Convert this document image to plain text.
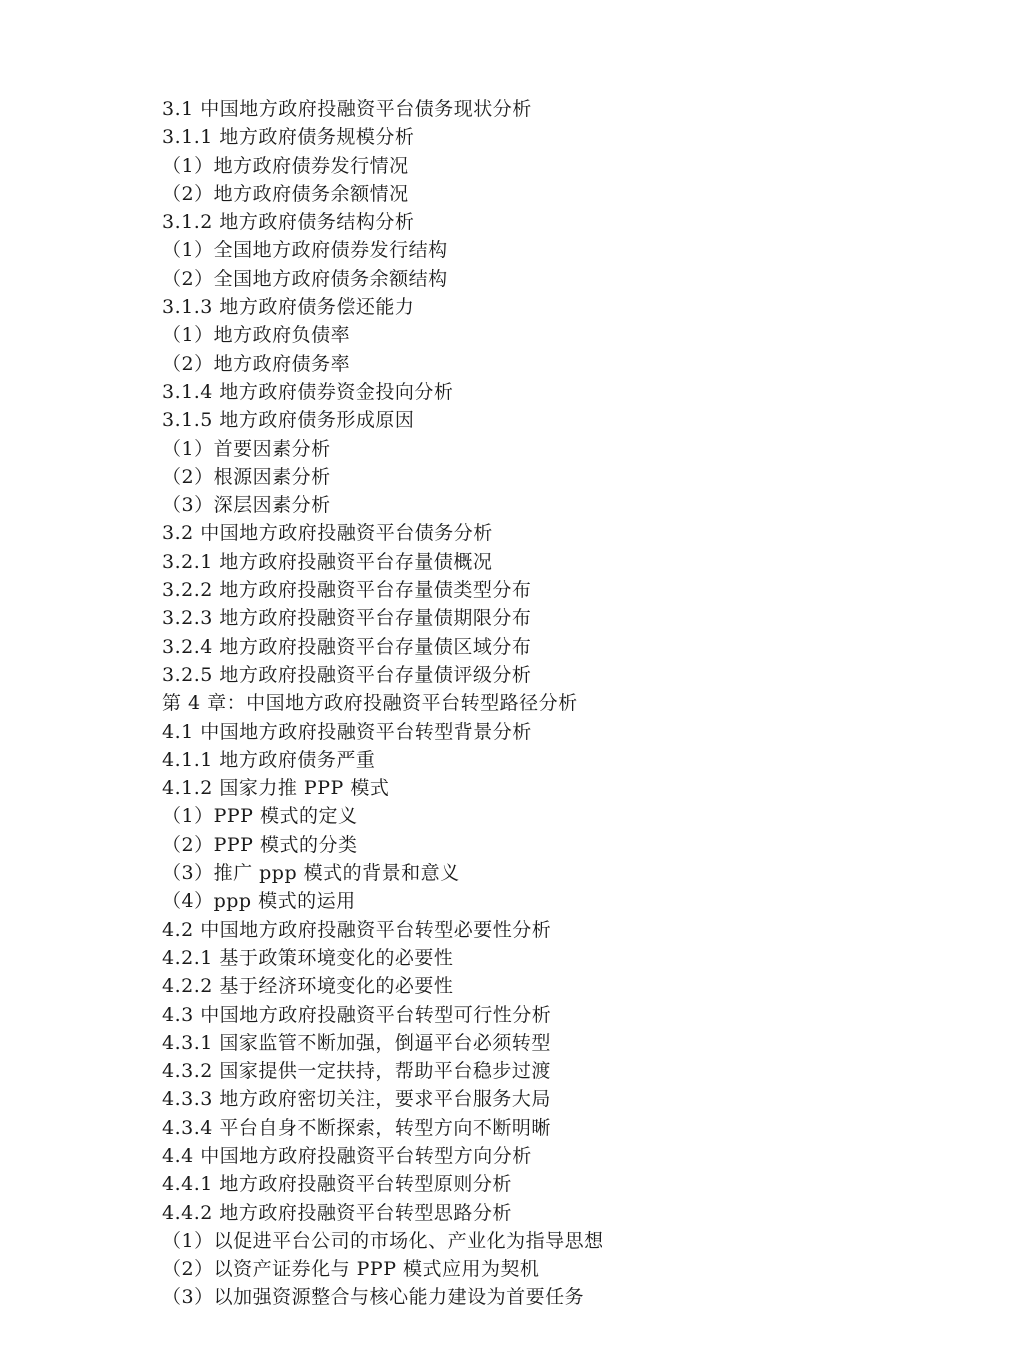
3.1 中国地方政府投融资平台债务现状分析
3.1.1 地方政府债务规模分析
（1）地方政府债券发行情况
（2）地方政府债务余额情况
3.1.2 地方政府债务结构分析
（1）全国地方政府债券发行结构
（2）全国地方政府债务余额结构
3.1.3 地方政府债务偿还能力
（1）地方政府负债率
（2）地方政府债务率
3.1.4 地方政府债券资金投向分析
3.1.5 地方政府债务形成原因
（1）首要因素分析
（2）根源因素分析
（3）深层因素分析
3.2 中国地方政府投融资平台债务分析
3.2.1 地方政府投融资平台存量债概况
3.2.2 地方政府投融资平台存量债类型分布
3.2.3 地方政府投融资平台存量债期限分布
3.2.4 地方政府投融资平台存量债区域分布
3.2.5 地方政府投融资平台存量债评级分析
第 4 章：中国地方政府投融资平台转型路径分析
4.1 中国地方政府投融资平台转型背景分析
4.1.1 地方政府债务严重
4.1.2 国家力推 PPP 模式
（1）PPP 模式的定义
（2）PPP 模式的分类
（3）推广 ppp 模式的背景和意义
（4）ppp 模式的运用
4.2 中国地方政府投融资平台转型必要性分析
4.2.1 基于政策环境变化的必要性
4.2.2 基于经济环境变化的必要性
4.3 中国地方政府投融资平台转型可行性分析
4.3.1 国家监管不断加强，倒逼平台必须转型
4.3.2 国家提供一定扶持，帮助平台稳步过渡
4.3.3 地方政府密切关注，要求平台服务大局
4.3.4 平台自身不断探索，转型方向不断明晰
4.4 中国地方政府投融资平台转型方向分析
4.4.1 地方政府投融资平台转型原则分析
4.4.2 地方政府投融资平台转型思路分析
（1）以促进平台公司的市场化、产业化为指导思想
（2）以资产证券化与 PPP 模式应用为契机
（3）以加强资源整合与核心能力建设为首要任务
